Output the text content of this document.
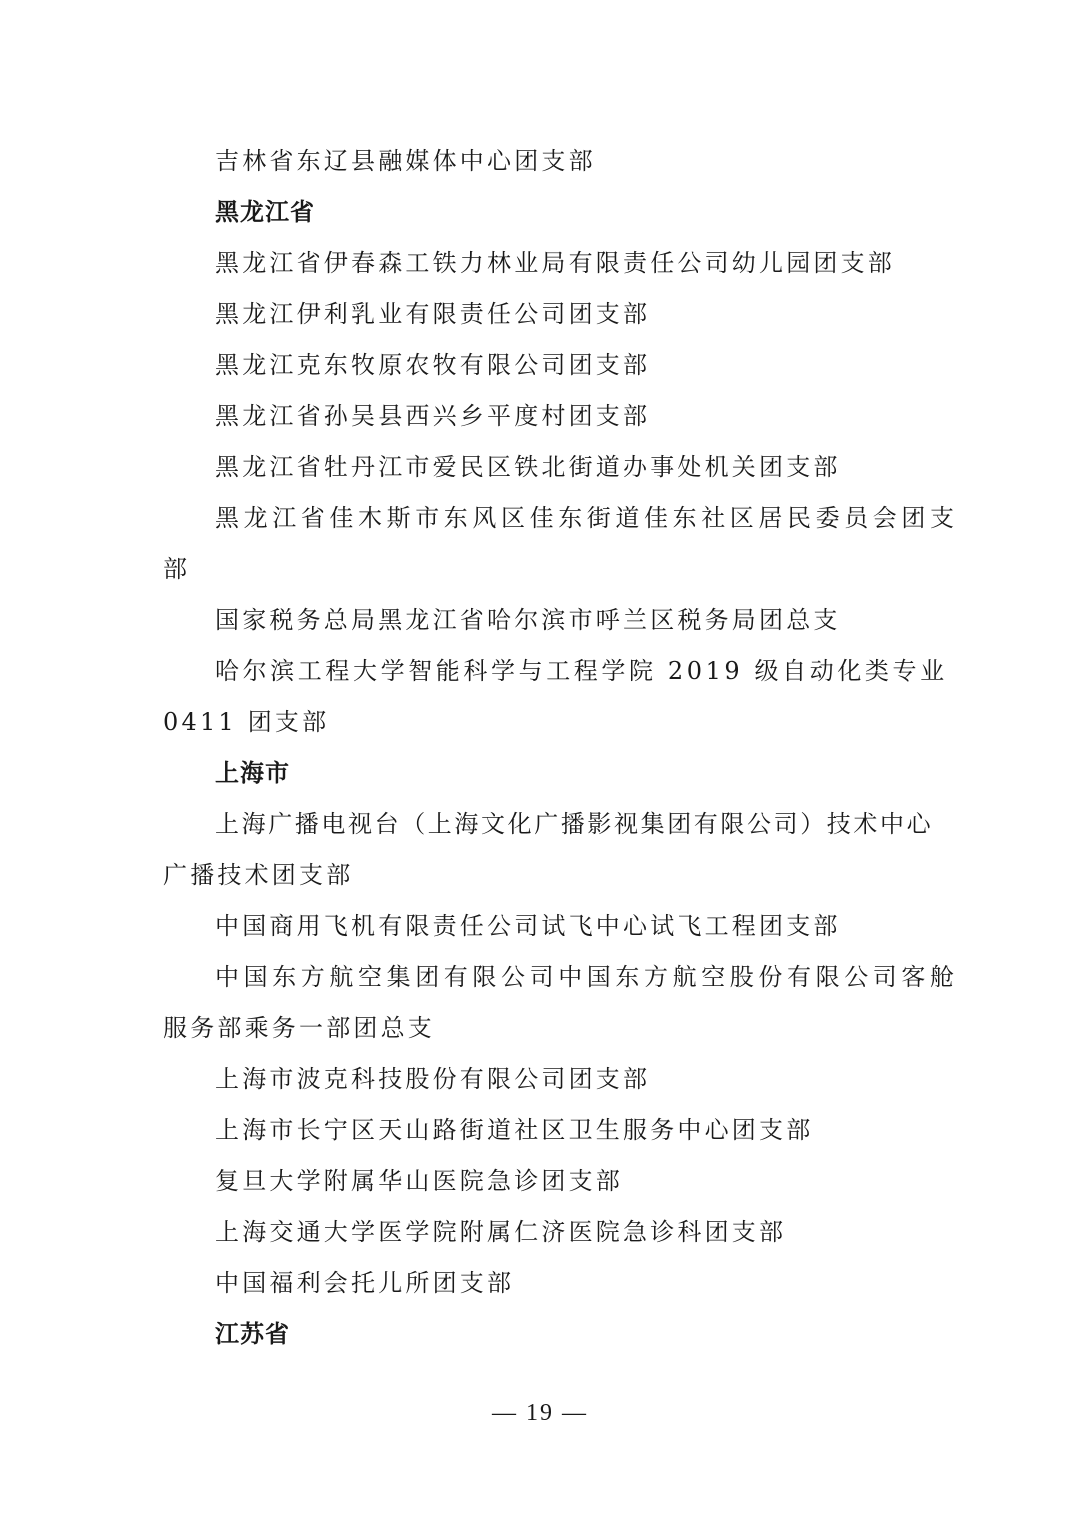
吉林省东辽县融媒体中心团支部
黑龙江省
黑龙江省伊春森工铁力林业局有限责任公司幼儿园团支部
黑龙江伊利乳业有限责任公司团支部
黑龙江克东牧原农牧有限公司团支部
黑龙江省孙吴县西兴乡平度村团支部
黑龙江省牡丹江市爱民区铁北街道办事处机关团支部
黑龙江省佳木斯市东风区佳东街道佳东社区居民委员会团支
部
国家税务总局黑龙江省哈尔滨市呼兰区税务局团总支
哈尔滨工程大学智能科学与工程学院 2019 级自动化类专业
0411 团支部
上海市
上海广播电视台（上海文化广播影视集团有限公司）技术中心
广播技术团支部
中国商用飞机有限责任公司试飞中心试飞工程团支部
中国东方航空集团有限公司中国东方航空股份有限公司客舱
服务部乘务一部团总支
上海市波克科技股份有限公司团支部
上海市长宁区天山路街道社区卫生服务中心团支部
复旦大学附属华山医院急诊团支部
上海交通大学医学院附属仁济医院急诊科团支部
中国福利会托儿所团支部
江苏省
— 19 —
